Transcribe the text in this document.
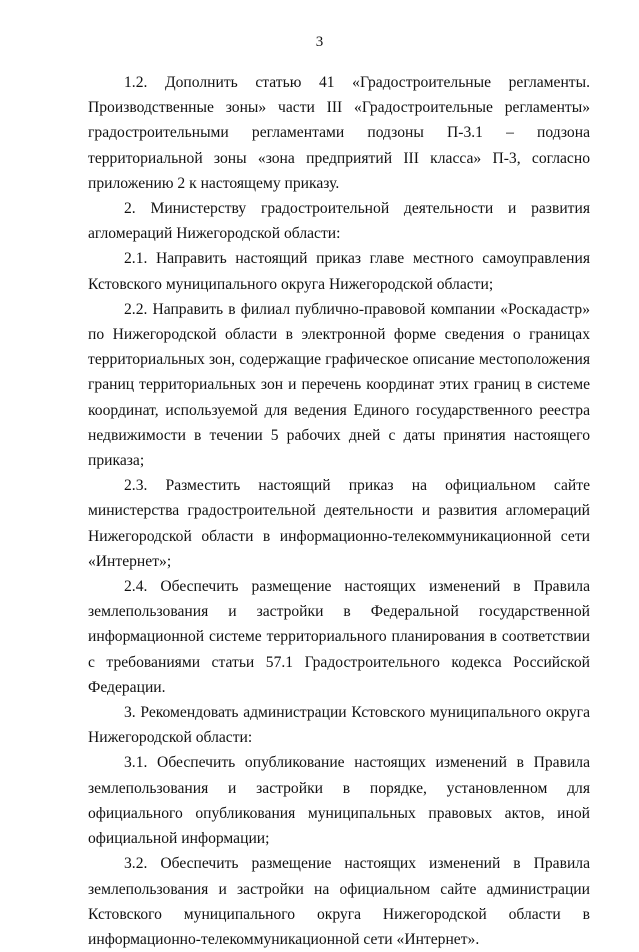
3

1.2. Дополнить статью 41 «Градостроительные регламенты. Производственные зоны» части III «Градостроительные регламенты» градостроительными регламентами подзоны П-3.1 – подзона территориальной зоны «зона предприятий III класса» П-3, согласно приложению 2 к настоящему приказу.

2. Министерству градостроительной деятельности и развития агломераций Нижегородской области:

2.1. Направить настоящий приказ главе местного самоуправления Кстовского муниципального округа Нижегородской области;

2.2. Направить в филиал публично-правовой компании «Роскадастр» по Нижегородской области в электронной форме сведения о границах территориальных зон, содержащие графическое описание местоположения границ территориальных зон и перечень координат этих границ в системе координат, используемой для ведения Единого государственного реестра недвижимости в течении 5 рабочих дней с даты принятия настоящего приказа;

2.3. Разместить настоящий приказ на официальном сайте министерства градостроительной деятельности и развития агломераций Нижегородской области в информационно-телекоммуникационной сети «Интернет»;

2.4. Обеспечить размещение настоящих изменений в Правила землепользования и застройки в Федеральной государственной информационной системе территориального планирования в соответствии с требованиями статьи 57.1 Градостроительного кодекса Российской Федерации.

3. Рекомендовать администрации Кстовского муниципального округа Нижегородской области:

3.1. Обеспечить опубликование настоящих изменений в Правила землепользования и застройки в порядке, установленном для официального опубликования муниципальных правовых актов, иной официальной информации;

3.2. Обеспечить размещение настоящих изменений в Правила землепользования и застройки на официальном сайте администрации Кстовского муниципального округа Нижегородской области в информационно-телекоммуникационной сети «Интернет».
